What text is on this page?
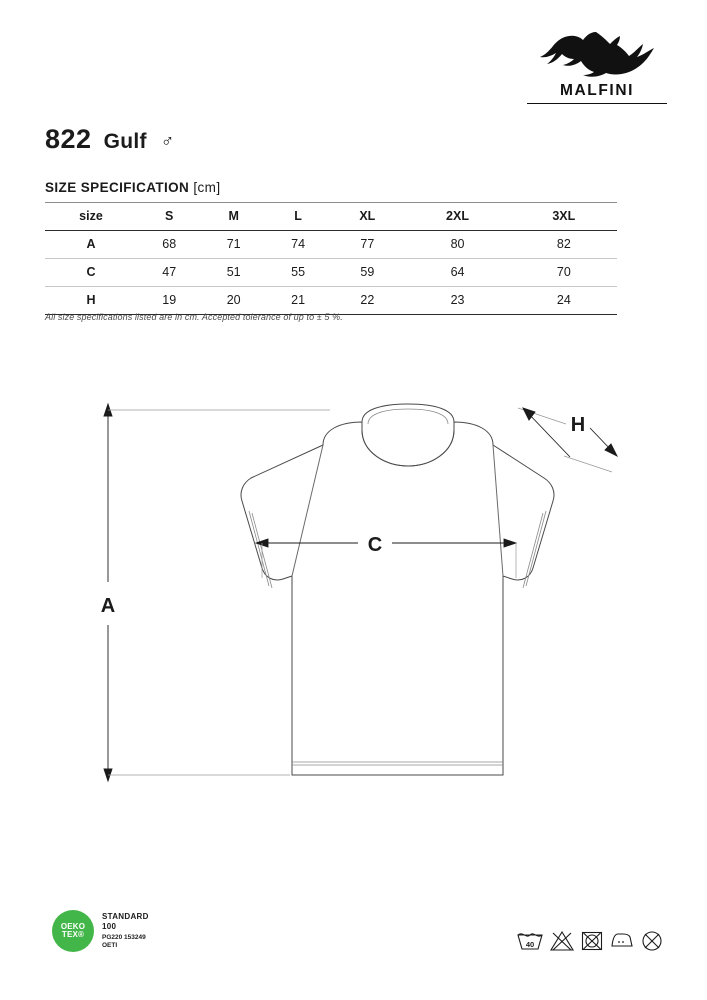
MALFINI
822 Gulf ♂
SIZE SPECIFICATION [cm]
size	S	M	L	XL	2XL	3XL
A	68	71	74	77	80	82
C	47	51	55	59	64	70
H	19	20	21	22	23	24
All size specifications listed are in cm. Accepted tolerance of up to ± 5 %.
A
C
H
OEKO
TEX®
STANDARD
100
PG220 153249
OETI	40
